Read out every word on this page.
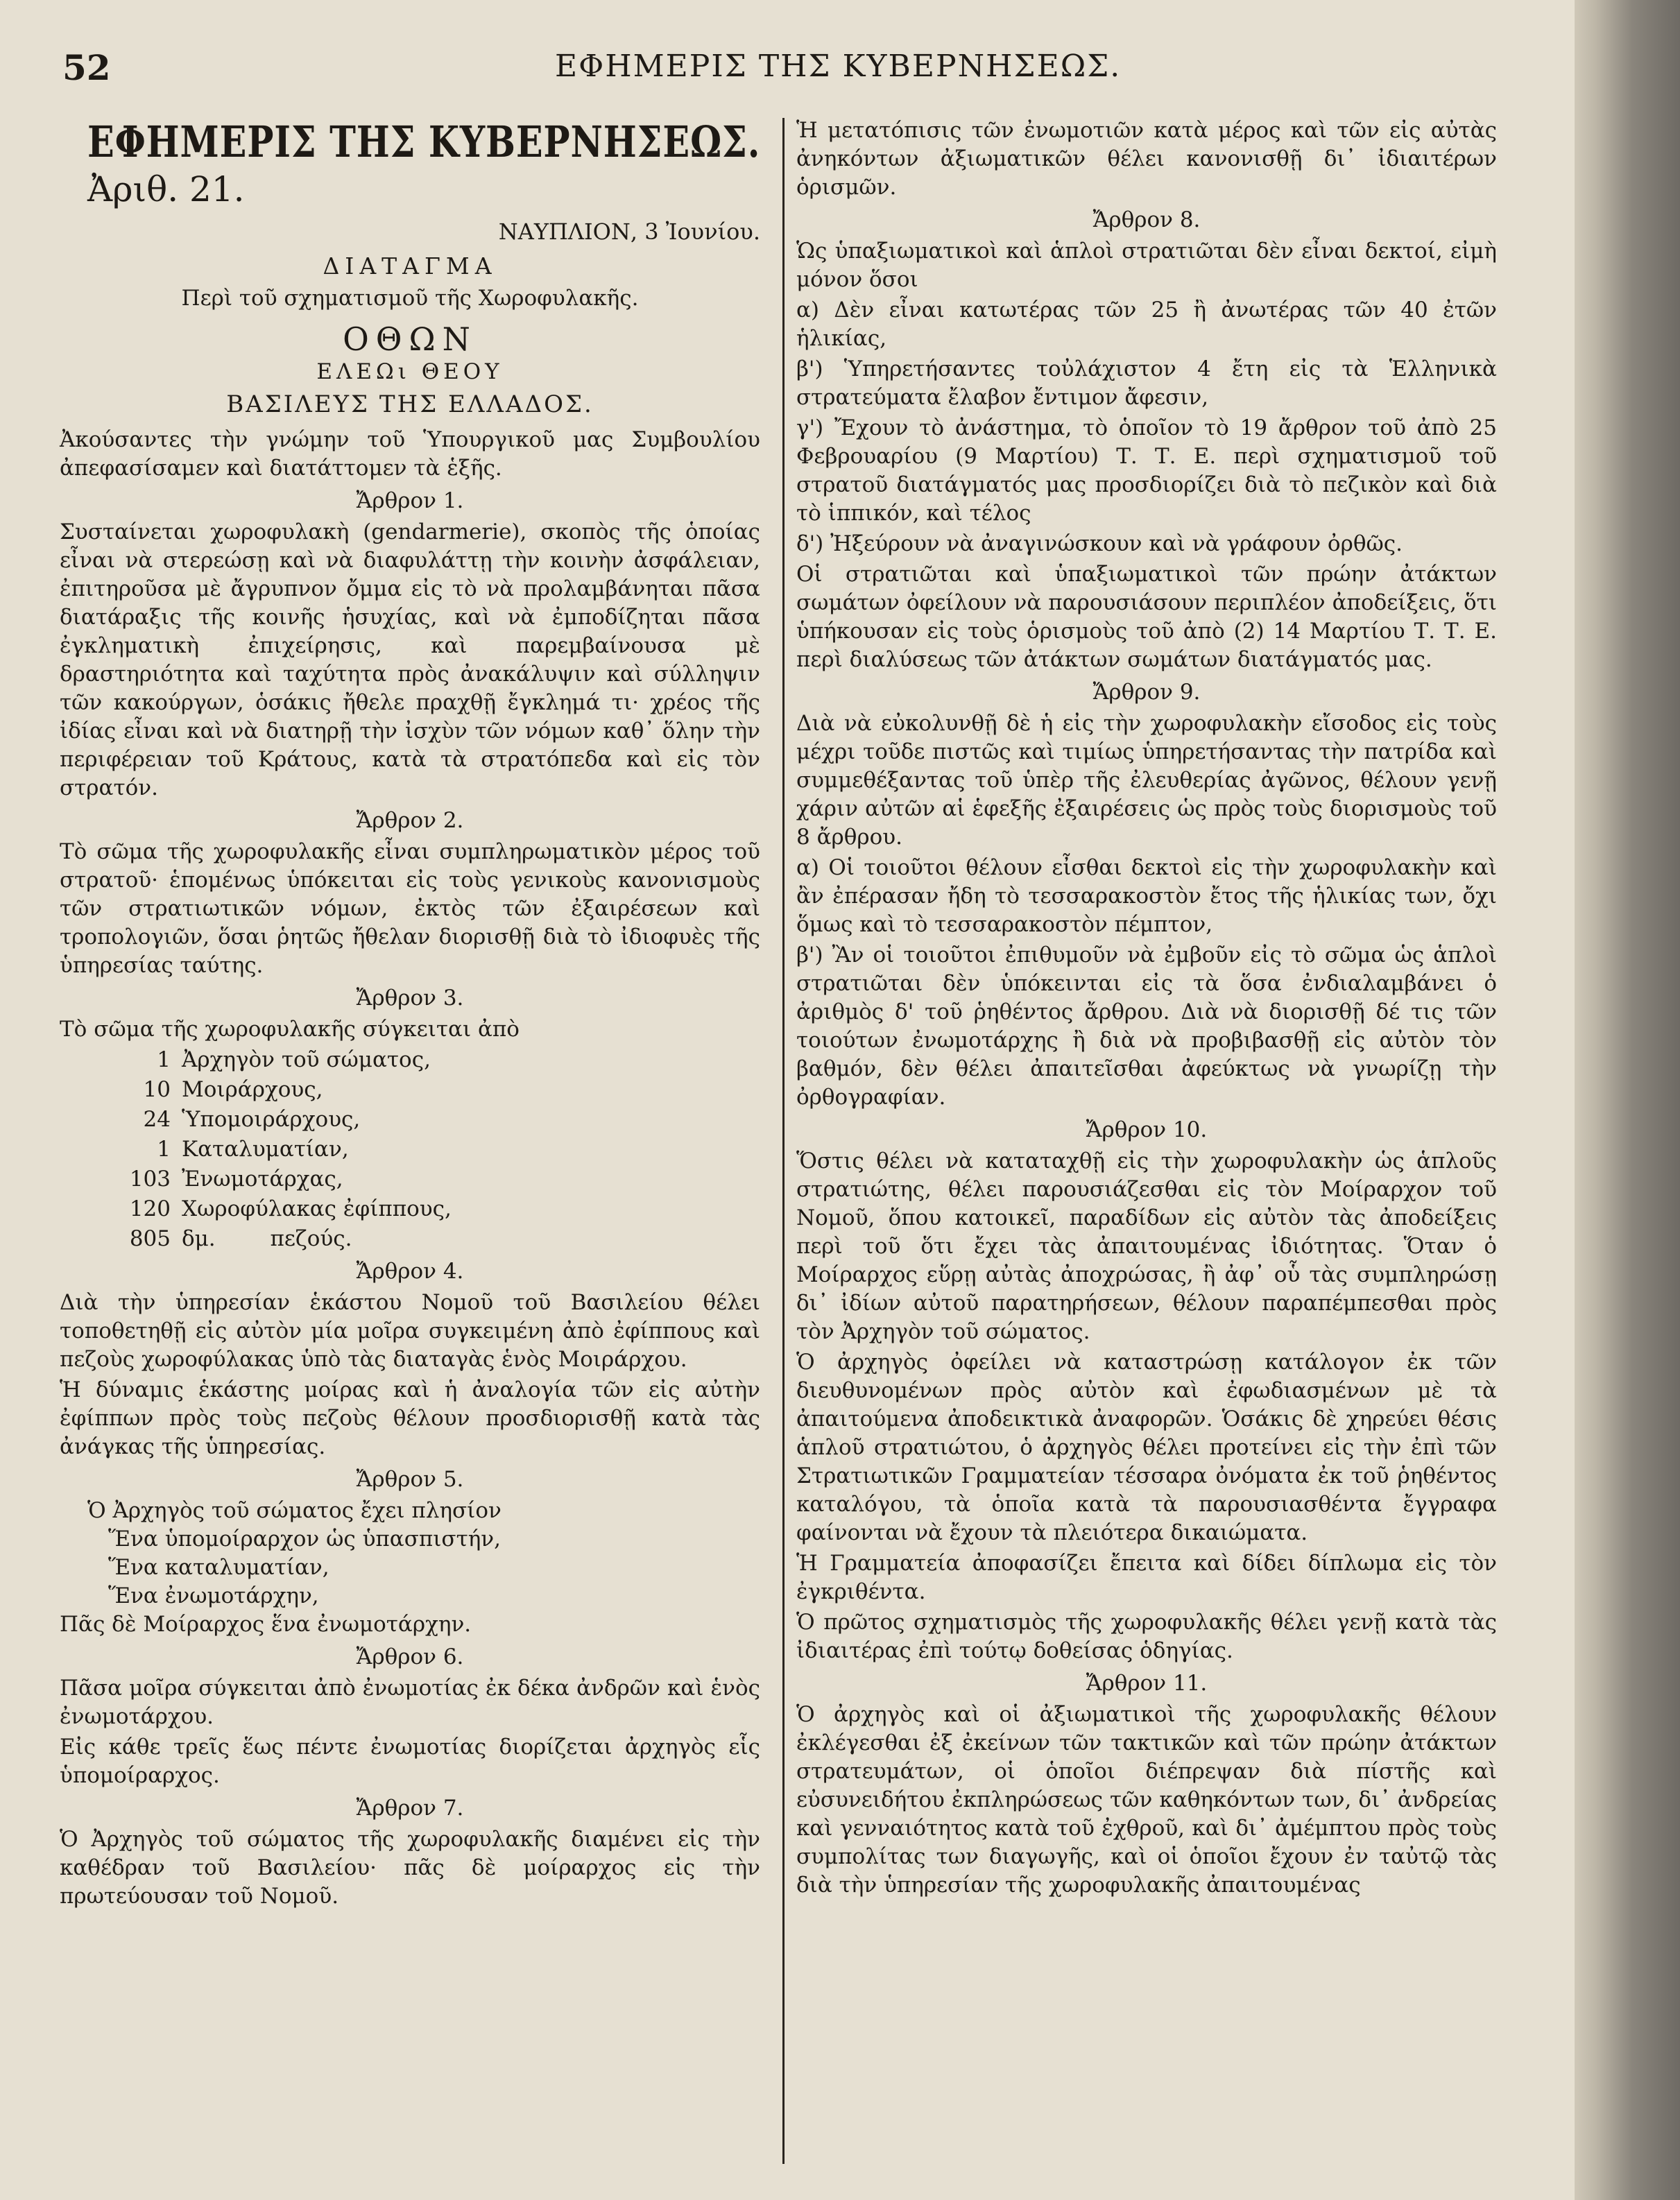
52	ΕΦΗΜΕΡΙΣ ΤΗΣ ΚΥΒΕΡΝΗΣΕΩΣ.
ΕΦΗΜΕΡΙΣ ΤΗΣ ΚΥΒΕΡΝΗΣΕΩΣ.
Ἀριθ. 21.
ΝΑΥΠΛΙΟΝ, 3 Ἰουνίου.
ΔΙΑΤΑΓΜΑ
Περὶ τοῦ σχηματισμοῦ τῆς Χωροφυλακῆς.
ΟΘΩΝ
ΕΛΕΩι ΘΕΟΥ
ΒΑΣΙΛΕΥΣ ΤΗΣ ΕΛΛΑΔΟΣ.

Ἀκούσαντες τὴν γνώμην τοῦ Ὑπουργικοῦ μας Συμβουλίου ἀπεφασίσαμεν καὶ διατάττομεν τὰ ἑξῆς.

Ἄρθρον 1.

Συσταίνεται χωροφυλακὴ (gendarmerie), σκοπὸς τῆς ὁποίας εἶναι νὰ στερεώσῃ καὶ νὰ διαφυλάττῃ τὴν κοινὴν ἀσφάλειαν, ἐπιτηροῦσα μὲ ἄγρυπνον ὄμμα εἰς τὸ νὰ προλαμβάνηται πᾶσα διατάραξις τῆς κοινῆς ἡσυχίας, καὶ νὰ ἐμποδίζηται πᾶσα ἐγκληματικὴ ἐπιχείρησις, καὶ παρεμβαίνουσα μὲ δραστηριότητα καὶ ταχύτητα πρὸς ἀνακάλυψιν καὶ σύλληψιν τῶν κακούργων, ὁσάκις ἤθελε πραχθῇ ἔγκλημά τι· χρέος τῆς ἰδίας εἶναι καὶ νὰ διατηρῇ τὴν ἰσχὺν τῶν νόμων καθ᾽ ὅλην τὴν περιφέρειαν τοῦ Κράτους, κατὰ τὰ στρατόπεδα καὶ εἰς τὸν στρατόν.

Ἄρθρον 2.

Τὸ σῶμα τῆς χωροφυλακῆς εἶναι συμπληρωματικὸν μέρος τοῦ στρατοῦ· ἑπομένως ὑπόκειται εἰς τοὺς γενικοὺς κανονισμοὺς τῶν στρατιωτικῶν νόμων, ἐκτὸς τῶν ἐξαιρέσεων καὶ τροπολογιῶν, ὅσαι ῥητῶς ἤθελαν διορισθῇ διὰ τὸ ἰδιοφυὲς τῆς ὑπηρεσίας ταύτης.

Ἄρθρον 3.

Τὸ σῶμα τῆς χωροφυλακῆς σύγκειται ἀπὸ

1 Ἀρχηγὸν τοῦ σώματος,
10 Μοιράρχους,
24 Ὑπομοιράρχους,
1 Καταλυματίαν,
103 Ἐνωμοτάρχας,
120 Χωροφύλακας ἐφίππους,
805 δμ.        πεζούς.
Ἄρθρον 4.

Διὰ τὴν ὑπηρεσίαν ἑκάστου Νομοῦ τοῦ Βασιλείου θέλει τοποθετηθῇ εἰς αὐτὸν μία μοῖρα συγκειμένη ἀπὸ ἐφίππους καὶ πεζοὺς χωροφύλακας ὑπὸ τὰς διαταγὰς ἑνὸς Μοιράρχου.

Ἡ δύναμις ἑκάστης μοίρας καὶ ἡ ἀναλογία τῶν εἰς αὐτὴν ἐφίππων πρὸς τοὺς πεζοὺς θέλουν προσδιορισθῇ κατὰ τὰς ἀνάγκας τῆς ὑπηρεσίας.

Ἄρθρον 5.
Ὁ Ἀρχηγὸς τοῦ σώματος ἔχει πλησίον
Ἕνα ὑπομοίραρχον ὡς ὑπασπιστήν,
Ἕνα καταλυματίαν,
Ἕνα ἐνωμοτάρχην,

Πᾶς δὲ Μοίραρχος ἕνα ἐνωμοτάρχην.

Ἄρθρον 6.

Πᾶσα μοῖρα σύγκειται ἀπὸ ἐνωμοτίας ἐκ δέκα ἀνδρῶν καὶ ἑνὸς ἐνωμοτάρχου.

Εἰς κάθε τρεῖς ἕως πέντε ἐνωμοτίας διορίζεται ἀρχηγὸς εἷς ὑπομοίραρχος.

Ἄρθρον 7.

Ὁ Ἀρχηγὸς τοῦ σώματος τῆς χωροφυλακῆς διαμένει εἰς τὴν καθέδραν τοῦ Βασιλείου· πᾶς δὲ μοίραρχος εἰς τὴν πρωτεύουσαν τοῦ Νομοῦ.

Ἡ μετατόπισις τῶν ἐνωμοτιῶν κατὰ μέρος καὶ τῶν εἰς αὐτὰς ἀνηκόντων ἀξιωματικῶν θέλει κανονισθῇ δι᾽ ἰδιαιτέρων ὁρισμῶν.

Ἄρθρον 8.

Ὡς ὑπαξιωματικοὶ καὶ ἁπλοὶ στρατιῶται δὲν εἶναι δεκτοί, εἰμὴ μόνον ὅσοι

α) Δὲν εἶναι κατωτέρας τῶν 25 ἢ ἀνωτέρας τῶν 40 ἐτῶν ἡλικίας,

β') Ὑπηρετήσαντες τοὐλάχιστον 4 ἔτη εἰς τὰ Ἑλληνικὰ στρατεύματα ἔλαβον ἔντιμον ἄφεσιν,

γ') Ἔχουν τὸ ἀνάστημα, τὸ ὁποῖον τὸ 19 ἄρθρον τοῦ ἀπὸ 25 Φεβρουαρίου (9 Μαρτίου) Τ. Τ. Ε. περὶ σχηματισμοῦ τοῦ στρατοῦ διατάγματός μας προσδιορίζει διὰ τὸ πεζικὸν καὶ διὰ τὸ ἱππικόν, καὶ τέλος

δ') Ἠξεύρουν νὰ ἀναγινώσκουν καὶ νὰ γράφουν ὀρθῶς.

Οἱ στρατιῶται καὶ ὑπαξιωματικοὶ τῶν πρώην ἀτάκτων σωμάτων ὀφείλουν νὰ παρουσιάσουν περιπλέον ἀποδείξεις, ὅτι ὑπήκουσαν εἰς τοὺς ὁρισμοὺς τοῦ ἀπὸ (2) 14 Μαρτίου Τ. Τ. Ε. περὶ διαλύσεως τῶν ἀτάκτων σωμάτων διατάγματός μας.

Ἄρθρον 9.

Διὰ νὰ εὐκολυνθῇ δὲ ἡ εἰς τὴν χωροφυλακὴν εἴσοδος εἰς τοὺς μέχρι τοῦδε πιστῶς καὶ τιμίως ὑπηρετήσαντας τὴν πατρίδα καὶ συμμεθέξαντας τοῦ ὑπὲρ τῆς ἐλευθερίας ἀγῶνος, θέλουν γενῇ χάριν αὐτῶν αἱ ἑφεξῆς ἐξαιρέσεις ὡς πρὸς τοὺς διορισμοὺς τοῦ 8 ἄρθρου.

α) Οἱ τοιοῦτοι θέλουν εἶσθαι δεκτοὶ εἰς τὴν χωροφυλακὴν καὶ ἂν ἐπέρασαν ἤδη τὸ τεσσαρακοστὸν ἔτος τῆς ἡλικίας των, ὄχι ὅμως καὶ τὸ τεσσαρακοστὸν πέμπτον,

β') Ἂν οἱ τοιοῦτοι ἐπιθυμοῦν νὰ ἐμβοῦν εἰς τὸ σῶμα ὡς ἁπλοὶ στρατιῶται δὲν ὑπόκεινται εἰς τὰ ὅσα ἐνδιαλαμβάνει ὁ ἀριθμὸς δ' τοῦ ῥηθέντος ἄρθρου. Διὰ νὰ διορισθῇ δέ τις τῶν τοιούτων ἐνωμοτάρχης ἢ διὰ νὰ προβιβασθῇ εἰς αὐτὸν τὸν βαθμόν, δὲν θέλει ἀπαιτεῖσθαι ἀφεύκτως νὰ γνωρίζῃ τὴν ὀρθογραφίαν.

Ἄρθρον 10.

Ὅστις θέλει νὰ καταταχθῇ εἰς τὴν χωροφυλακὴν ὡς ἁπλοῦς στρατιώτης, θέλει παρουσιάζεσθαι εἰς τὸν Μοίραρχον τοῦ Νομοῦ, ὅπου κατοικεῖ, παραδίδων εἰς αὐτὸν τὰς ἀποδείξεις περὶ τοῦ ὅτι ἔχει τὰς ἀπαιτουμένας ἰδιότητας. Ὅταν ὁ Μοίραρχος εὕρῃ αὐτὰς ἀποχρώσας, ἢ ἀφ᾽ οὗ τὰς συμπληρώσῃ δι᾽ ἰδίων αὐτοῦ παρατηρήσεων, θέλουν παραπέμπεσθαι πρὸς τὸν Ἀρχηγὸν τοῦ σώματος.

Ὁ ἀρχηγὸς ὀφείλει νὰ καταστρώσῃ κατάλογον ἐκ τῶν διευθυνομένων πρὸς αὐτὸν καὶ ἐφωδιασμένων μὲ τὰ ἀπαιτούμενα ἀποδεικτικὰ ἀναφορῶν. Ὁσάκις δὲ χηρεύει θέσις ἁπλοῦ στρατιώτου, ὁ ἀρχηγὸς θέλει προτείνει εἰς τὴν ἐπὶ τῶν Στρατιωτικῶν Γραμματείαν τέσσαρα ὀνόματα ἐκ τοῦ ῥηθέντος καταλόγου, τὰ ὁποῖα κατὰ τὰ παρουσιασθέντα ἔγγραφα φαίνονται νὰ ἔχουν τὰ πλειότερα δικαιώματα.

Ἡ Γραμματεία ἀποφασίζει ἔπειτα καὶ δίδει δίπλωμα εἰς τὸν ἐγκριθέντα.

Ὁ πρῶτος σχηματισμὸς τῆς χωροφυλακῆς θέλει γενῇ κατὰ τὰς ἰδιαιτέρας ἐπὶ τούτῳ δοθείσας ὁδηγίας.

Ἄρθρον 11.

Ὁ ἀρχηγὸς καὶ οἱ ἀξιωματικοὶ τῆς χωροφυλακῆς θέλουν ἐκλέγεσθαι ἐξ ἐκείνων τῶν τακτικῶν καὶ τῶν πρώην ἀτάκτων στρατευμάτων, οἱ ὁποῖοι διέπρεψαν διὰ πίστῆς καὶ εὐσυνειδήτου ἐκπληρώσεως τῶν καθηκόντων των, δι᾽ ἀνδρείας καὶ γενναιότητος κατὰ τοῦ ἐχθροῦ, καὶ δι᾽ ἀμέμπτου πρὸς τοὺς συμπολίτας των διαγωγῆς, καὶ οἱ ὁποῖοι ἔχουν ἐν ταὐτῷ τὰς διὰ τὴν ὑπηρεσίαν τῆς χωροφυλακῆς ἀπαιτουμένας
